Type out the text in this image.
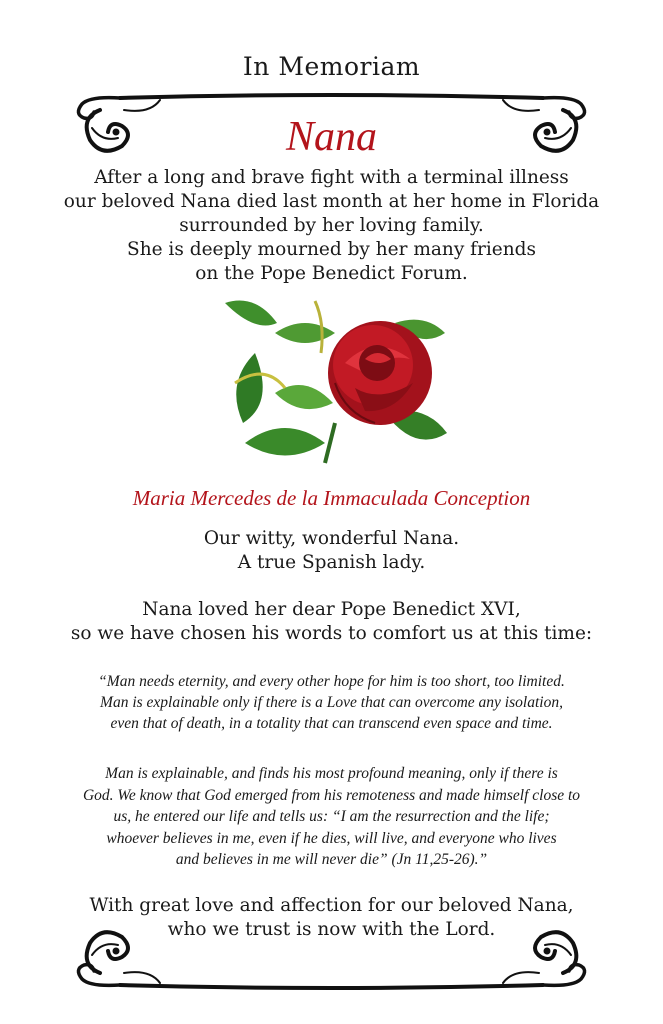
In Memoriam
Nana
After a long and brave fight with a terminal illness
our beloved Nana died last month at her home in Florida
surrounded by her loving family.
She is deeply mourned by her many friends
on the Pope Benedict Forum.
Maria Mercedes de la Immaculada Conception
Our witty, wonderful Nana.
A true Spanish lady.
Nana loved her dear Pope Benedict XVI,
so we have chosen his words to comfort us at this time:
“Man needs eternity, and every other hope for him is too short, too limited.
Man is explainable only if there is a Love that can overcome any isolation,
even that of death, in a totality that can transcend even space and time.
Man is explainable, and finds his most profound meaning, only if there is
God. We know that God emerged from his remoteness and made himself close to
us, he entered our life and tells us: “I am the resurrection and the life;
whoever believes in me, even if he dies, will live, and everyone who lives
and believes in me will never die” (Jn 11,25-26).”
With great love and affection for our beloved Nana,
who we trust is now with the Lord.
